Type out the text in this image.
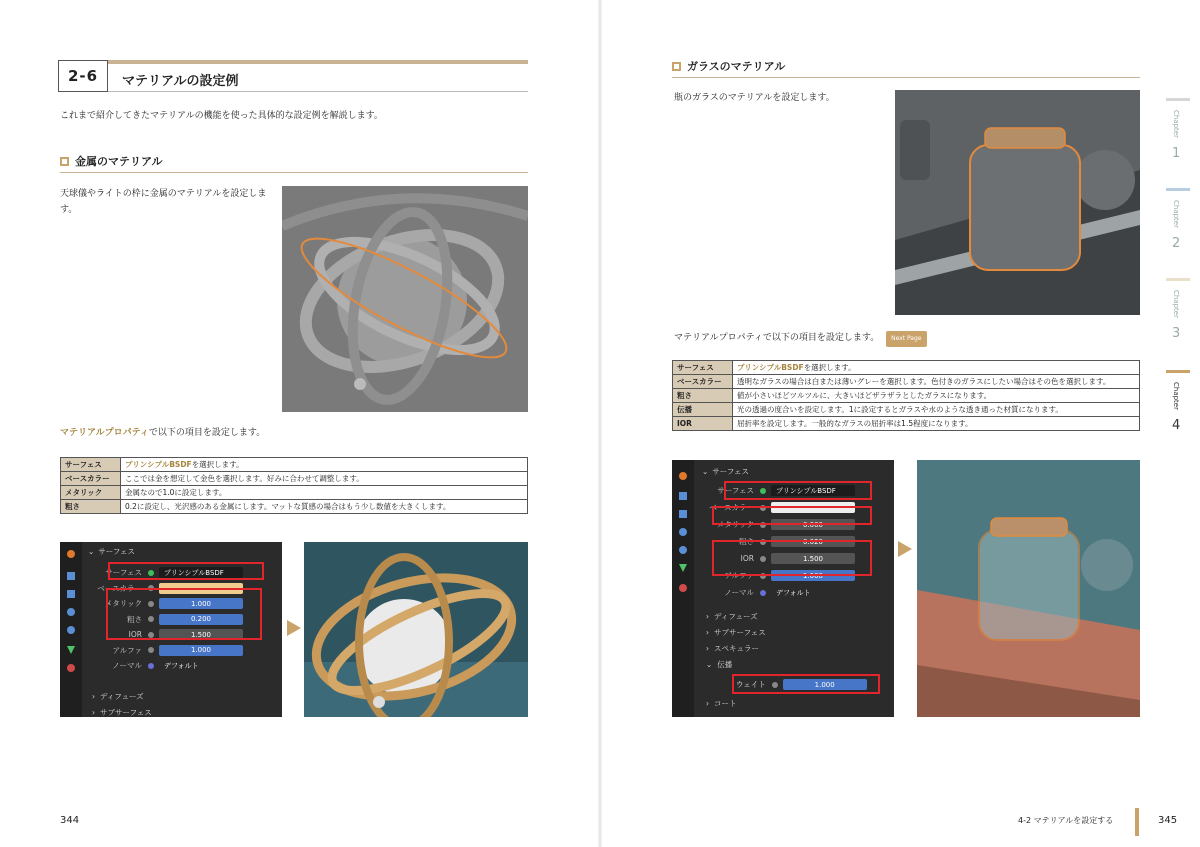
2-6	マテリアルの設定例
これまで紹介してきたマテリアルの機能を使った具体的な設定例を解説します。
金属のマテリアル
天球儀やライトの枠に金属のマテリアルを設定します。
マテリアルプロパティで以下の項目を設定します。
サーフェス	プリンシプルBSDFを選択します。
ベースカラー	ここでは金を想定して金色を選択します。好みに合わせて調整します。
メタリック	金属なので1.0に設定します。
粗さ	0.2に設定し、光沢感のある金属にします。マットな質感の場合はもう少し数値を大きくします。
⌄ サーフェス
サーフェス	プリンシプルBSDF
ベースカラー
メタリック	1.000
粗さ	0.200
IOR	1.500
アルファ	1.000
ノーマル	デフォルト
› ディフューズ
› サブサーフェス
344
ガラスのマテリアル
瓶のガラスのマテリアルを設定します。
マテリアルプロパティで以下の項目を設定します。 Next Page
サーフェス	プリンシプルBSDFを選択します。
ベースカラー	透明なガラスの場合は白または薄いグレーを選択します。色付きのガラスにしたい場合はその色を選択します。
粗さ	値が小さいほどツルツルに、大きいほどザラザラとしたガラスになります。
伝播	光の透過の度合いを設定します。1に設定するとガラスや水のような透き通った材質になります。
IOR	屈折率を設定します。一般的なガラスの屈折率は1.5程度になります。
⌄ サーフェス
サーフェス	プリンシプルBSDF
ベースカラー
メタリック	0.000
粗さ	0.020
IOR	1.500
アルファ	1.000
ノーマル	デフォルト
› ディフューズ
› サブサーフェス
› スペキュラー
⌄ 伝播
ウェイト	1.000
› コート
Chapter
1
Chapter
2
Chapter
3
Chapter
4
4-2 マテリアルを設定する	345
